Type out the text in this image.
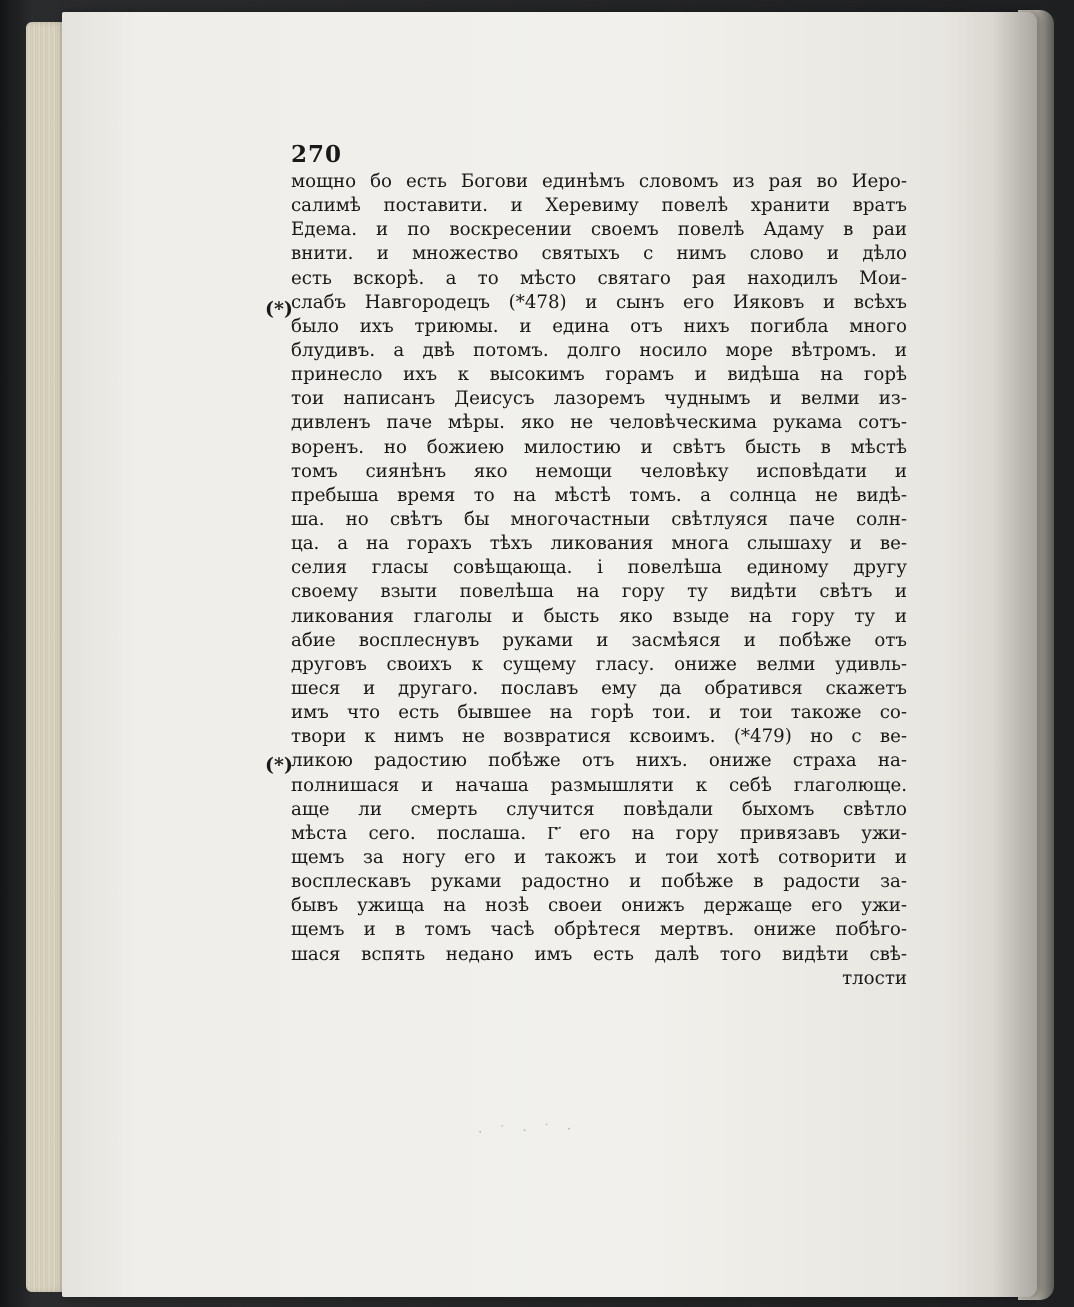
(*)
(*)
270
мощно бо есть Богови единѣмъ словомъ из рая во Иеро-
салимѣ поставити. и Херевиму повелѣ хранити вратъ
Едема. и по воскресении своемъ повелѣ Адаму в раи
внити. и множество святыхъ с нимъ слово и дѣло
есть вскорѣ. а то мѣсто святаго рая находилъ Мои-
слабъ Навгородецъ (*478) и сынъ его Ияковъ и всѣхъ
было ихъ триюмы. и едина отъ нихъ погибла много
блудивъ. а двѣ потомъ. долго носило море вѣтромъ. и
принесло ихъ к высокимъ горамъ и видѣша на горѣ
тои написанъ Деисусъ лазоремъ чуднымъ и велми из-
дивленъ паче мѣры. яко не человѣческима рукама сотъ-
воренъ. но божиею милостию и свѣтъ бысть в мѣстѣ
томъ сиянѣнъ яко немощи человѣку исповѣдати и
пребыша время то на мѣстѣ томъ. а солнца не видѣ-
ша. но свѣтъ бы многочастныи свѣтлуяся паче солн-
ца. а на горахъ тѣхъ ликования многа слышаху и ве-
селия гласы совѣщающа. і повелѣша единому другу
своему взыти повелѣша на гору ту видѣти свѣтъ и
ликования глаголы и бысть яко взыде на гору ту и
абие восплеснувъ руками и засмѣяся и побѣже отъ
друговъ своихъ к сущему гласу. ониже велми удивль-
шеся и другаго. пославъ ему да обратився скажетъ
имъ что есть бывшее на горѣ тои. и тои такоже со-
твори к нимъ не возвратися ксвоимъ. (*479) но с ве-
ликою радостию побѣже отъ нихъ. ониже страха на-
полнишася и начаша размышляти к себѣ глаголюще.
аще ли смерть случится повѣдали быхомъ свѣтло
мѣста сего. послаша. Г҃ его на гору привязавъ ужи-
щемъ за ногу его и такожъ и тои хотѣ сотворити и
восплескавъ руками радостно и побѣже в радости за-
бывъ ужища на нозѣ своеи онижъ держаще его ужи-
щемъ и в томъ часѣ обрѣтеся мертвъ. ониже побѣго-
шася вспять недано имъ есть далѣ того видѣти свѣ-
тлости
· ˙ · ˙ ·
